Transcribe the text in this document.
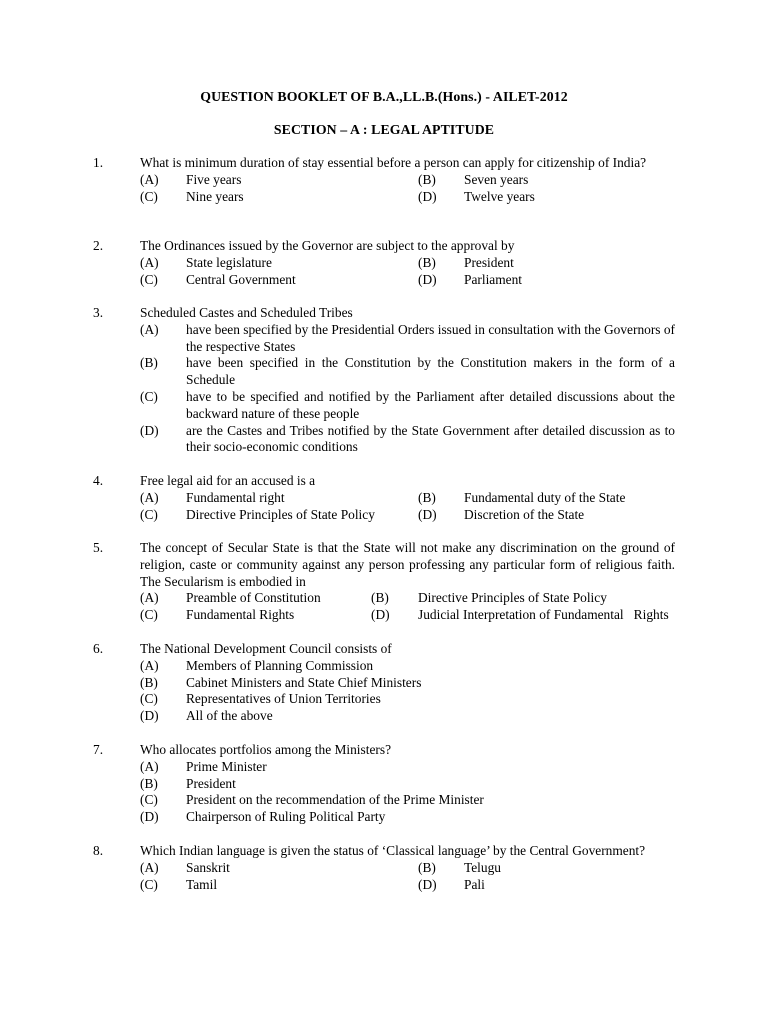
QUESTION BOOKLET OF B.A.,LL.B.(Hons.) - AILET-2012
SECTION – A : LEGAL APTITUDE
1.	What is minimum duration of stay essential before a person can apply for citizenship of India?
(A) Five years	(B) Seven years
(C) Nine years	(D) Twelve years
2.	The Ordinances issued by the Governor are subject to the approval by
(A) State legislature	(B) President
(C) Central Government	(D) Parliament
3.	Scheduled Castes and Scheduled Tribes
(A) have been specified by the Presidential Orders issued in consultation with the Governors of the respective States
(B) have been specified in the Constitution by the Constitution makers in the form of a Schedule
(C) have to be specified and notified by the Parliament after detailed discussions about the backward nature of these people
(D) are the Castes and Tribes notified by the State Government after detailed discussion as to their socio-economic conditions
4.	Free legal aid for an accused is a
(A) Fundamental right	(B) Fundamental duty of the State
(C) Directive Principles of State Policy	(D) Discretion of the State
5.	The concept of Secular State is that the State will not make any discrimination on the ground of religion, caste or community against any person professing any particular form of religious faith. The Secularism is embodied in
(A) Preamble of Constitution	(B) Directive Principles of State Policy
(C) Fundamental Rights	(D) Judicial Interpretation of Fundamental   Rights
6.	The National Development Council consists of
(A) Members of Planning Commission
(B) Cabinet Ministers and State Chief Ministers
(C) Representatives of Union Territories
(D) All of the above
7.	Who allocates portfolios among the Ministers?
(A) Prime Minister
(B) President
(C) President on the recommendation of the Prime Minister
(D) Chairperson of Ruling Political Party
8.	Which Indian language is given the status of ‘Classical language’ by the Central Government?
(A) Sanskrit	(B) Telugu
(C) Tamil	(D) Pali
